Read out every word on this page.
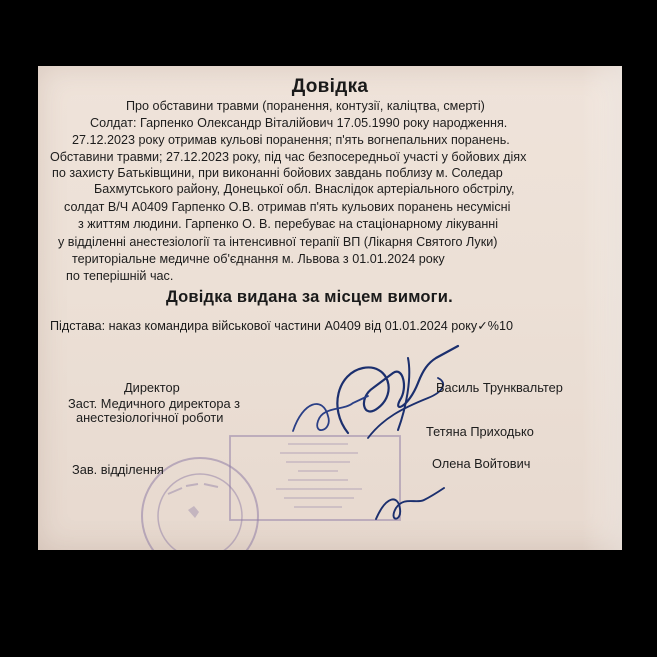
Довідка
Про обставини травми (поранення, контузії, каліцтва, смерті)
Солдат: Гарпенко Олександр Віталійович 17.05.1990 року народження.
27.12.2023 року отримав кульові поранення; п'ять вогнепальних поранень.
Обставини травми; 27.12.2023 року, під час безпосередньої участі у бойових діях
по захисту Батьківщини, при виконанні бойових завдань поблизу м. Соледар
Бахмутського району, Донецької обл. Внаслідок артеріального обстрілу,
солдат В/Ч А0409 Гарпенко О.В. отримав п'ять кульових поранень несумісні
з життям людини. Гарпенко О. В. перебуває на стаціонарному лікуванні
у відділенні анестезіології та інтенсивної терапії ВП (Лікарня Святого Луки)
територіальне медичне об'єднання м. Львова з 01.01.2024 року
по теперішній час.
Довідка видана за місцем вимоги.
Підстава: наказ командира військової частини А0409 від 01.01.2024 року✓%10
Директор
Заст. Медичного директора з
анестезіологічної роботи
Зав. відділення
Василь Трунквальтер
Тетяна Приходько
Олена Войтович
